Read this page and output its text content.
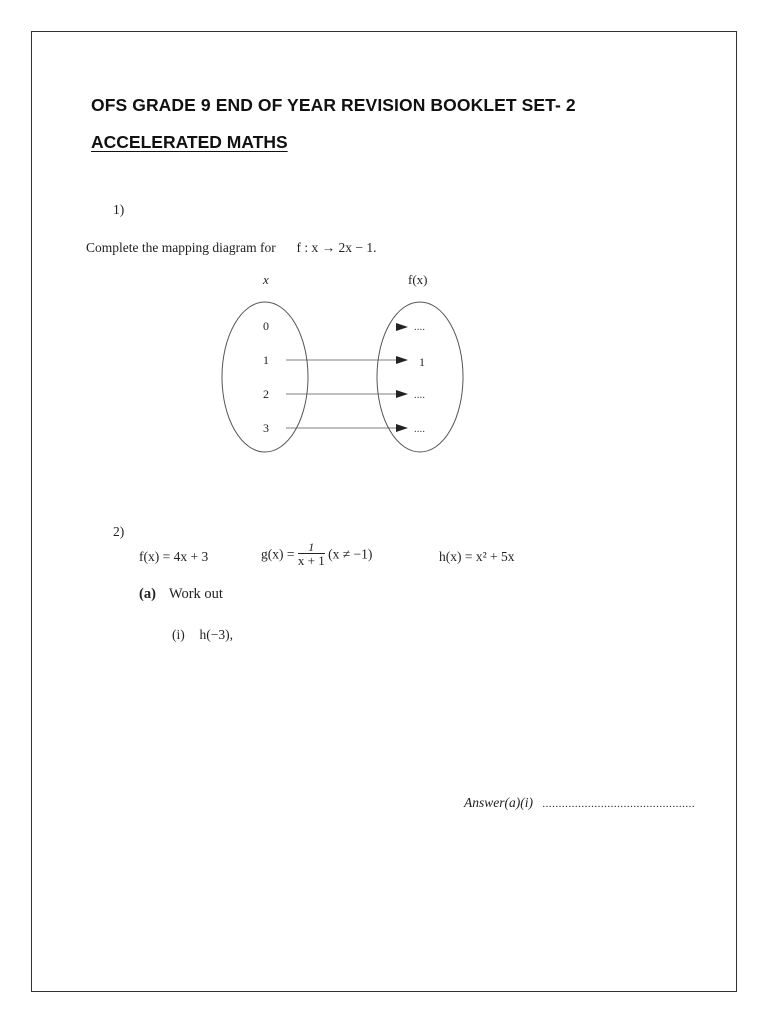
OFS GRADE 9 END OF YEAR REVISION BOOKLET SET- 2
ACCELERATED MATHS
1)
Complete the mapping diagram for f : x → 2x − 1.
x	f(x)
0
1
2
3
....
1
....
....
2)
f(x) = 4x + 3	$g(x) = \frac{1}{x + 1} (x \ne -1)$	h(x) = x² + 5x
(a) Work out
(i) h(−3),
Answer(a)(i) ...............................................
